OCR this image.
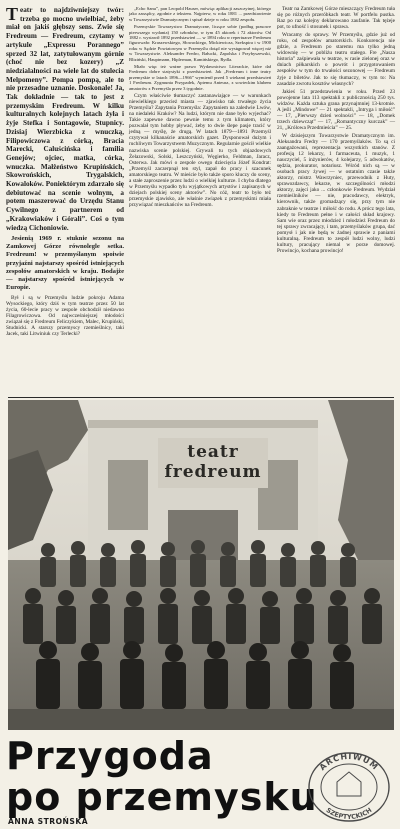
T eatr to najdziwniejszy twór: trzeba go mocno uwielbiać, żeby miał on jakiś głębszy sens. Zwie się Fredreum — Fredreum, czytamy w artykule „Expressu Porannego” sprzed 32 lat, zatytułowanym górnie (choć nie bez kozery) „Z niedzialalności na wiele lat do stulecia Melpomeny”. Pompa pompą, ale to nie przesadne uznanie. Doskonale! Ja, Tak dokładnie — tak to jest z przemyskim Fredreum. W kilku kulturalnych kolejnych latach żyła i żyje Stefka i Sontagowie, Stupnicy. Dzisiaj Wierzbicka z wnuczką, Filipowiczowa z córką, Bracia Marecki, Caluścińska i familia Genejów; ojciec, matka, córka, wnuczka. Małżeństwo Krupińskich, Skowrońskich, Trygalskich, Kowaloków. Poniektórym zdarzało się debiutować na scenie wolnym, a potem maszerować do Urzędu Stanu Cywilnego z partnerem od „Krakowiaków i Górali”. Coś o tym wiedzą Cichoniowie.
Jesienią 1969 r. stuknie sezonu na Zamkowej Górze równolegle setka. Fredreum! w przemyślanym spoiwie przyjaźni najstarszy spośród istniejących zespołów amatorskich w kraju. Bodajże — najstarszy spośród istniejących w Europie.
Był i są w Przemyślu ludzie pokroju Adama Wysockiego, który dziś w tym teatrze przez 50 lat życia, 60-lecie pracy w zespole obchodził niedawno Filagrowiczowa. Od najwcześniejszej młodości związał się z Fredreum Feliczykiem, Malec, Krupiński, Studnicki. A starszy przemyscy rzemieślnicy, taki Jacek, taki Litwiniuk czy Terlecki?
„Echo Sanu”, pan Leopold Hauser, mówiąc aplikacji zaszczytnej, którego jako zarządcy, zgodnie z tekstem. Najpierw, w roku 1881 ... przedstawienie w Towarzystwie Dramatycznym i spisał dzieje w roku 1882 zespołu.
Przemyskie Towarzystwo Dramatyczne, liczące sobie (podług prasowe pierwszego wydania) 150 członków, w tym 45 aktorek i 72 aktorów. Od 1882 r. wystawił 1892 przedstawień — w 1894 roku w repertuarze Fredreum figurowało: Kraszewskiego, Słowackiego, Mickiewicza, Szekspira i w 1900 roku w Sądzie Powiatowym w Przemyślu dotąd nie występował więcej niż w Towarzystwie. Aleksander Fredro, Bałucki, Zapolska i Przybyszewski, Bliziński, Hauptmann, Hiplerman, Kamińskiego, Rydla.
Miało więc też ważne prawo Wydawnictwo Literackie, które dał Fredreum dobre statystyki z przedstawień. Jak „Fredreum i inne teatry przemyskie w latach 1896—1966” wymienił przed 5 wiekami przedstawień 1 Fredreum. Zygmunta Przypadek, Aptemu Anteusz, z sowieckim klubem amatorów z Przemyśla przez 3 tygodnie.
Czym właściwie tłumaczyć zastanawiające — w warunkach niewielkiego przecież miasta — zjawisko tak trwałego życia Przemyśla? Zapytania Przemyśla: Zapytaniem na zaledwie Lwów, na niedaleki Kraków? Na ludzi, którym nie dane było wyjechać? Takie zapewne dawno pewnie temu z tym klimatem, który pozwalał tym hobby pływać, żeby to dwie ślepe pasje tracić w jedną — myślę, że drugą. W latach 1879—1891 Przemyśl czytywał kilkanaście amatorskich gazet. Dysponował dużym i ruchliwym Towarzystwem Muzycznym. Regularnie gościł wielkie nazwiska scenie polskiej. Grywali tu tych objazdowych Żelazowski, Solski, Leszczyński, Węgierko, Feldman, Jaracz, Osterwa. Jak mówi o zespole owego dziecięcia Józef Kondrat: „Przemyśl zaczerpnął ten styl, zapał do pracy i szacunek amatorskiego teatru. W mieście było także sporo kluczy do sceny, a stałe zaproszenie przez ludzi o wielkiej kulturze. I chyba dlatego w Przemyślu wypadło tylu wyjątkowych artystów i zapisanych w dziejach polskiej sceny aktorów”. No cóż, teatr to było też przemyskie zjawisko, ale właśnie związek z przemyskimi miała przywiązać mieszkańców na Fredreum.
Teatr na Zamkowej Górze mieszczący Fredreum tuła się po różnych przeróbkach teatr. W portfelu pustka. Raz po raz kolejny deklarowano zaufanie. Tak tężeje pot, to ufność i stosunek i sprawa.
Wracamy do sprawy. W Przemyślu, gdzie już od roku, od zespołów amatorskich. Konkurencja nie gdzie, a Fredreum po staremu ma tylko jedną widownię — w pobliżu teatru stałego. Fre „Nasza historia” zaśpiewała w teatrze, w rasie zielonej oraz w dniach piłkarskich o powrót i przygotowaniem zespołów w tym do trwałości sezonowej — Fredreum żyje z biletów. Jak to się tłumaczy, w tym to: Na zasadzie zwrotu kosztów własnych?
Jakieś 51 przedstawienia w roku. Przed 23 powojenne lata 113 spektakli z publicznością 250 tys. widzów. Każda sztuka grana przynajmniej 13-krotnie. A jeśli „Mindowe” — 21 spektakli, „Intryga i miłość” — 17, „Pierwszy dzień wolności” — 18, „Domek trzech dziewcząt” — 17, „Romantyczny kurczak” — 21, „Królowa Przedmieścia” — 25.
W dzisiejszym Towarzystwie Dramatycznym im. Aleksandra Fredry — 170 przemyślaków. To są ci zaangażowani, reprezentacja wszystkich stanów. Z profesją 12 lekarzy, 1 farmaceuta, 1 muzyk, 1 nauczyciel, 5 inżynierów, 4 kolejarzy, 5 adwokatów, sędzia, prokurator, notariusz. Wśród nich są — w osobach pracy żywej — w ostatnim czasie także aktorzy, mistrz Wawrzyniec, przewodnik z Huty, sprawozdawcy, lekarze, w szczególności młodzi aktorzy, zajęci jako ... członkowie Fredreum. Wydział rzemieślników — nie, pracodawcy, elektryk, kierownik, także gromadzący się, przy tym nie zabraknie w teatrze i miłość do rodu. A prócz tego lata, kiedy to Fredreum pełne i w całości skład krajowy. Sam wie oraz przez młodzież i młodzież Fredreum do tej sprawy zwracający, i tam, przemyślaków grupa, dać pomysł i jak nie będą w żadnej sprawie z paniami kulturalną. Fredreum to zespół ludzi wolny, ludzi kultury, pracujący niemal w porze domowej. Prowincjo, kochana prowincjo!
teatr fredreum
Przygoda
po przemysku
ANNA STROŃSKA
ARCHIWUM
SZEPTYCKICH
